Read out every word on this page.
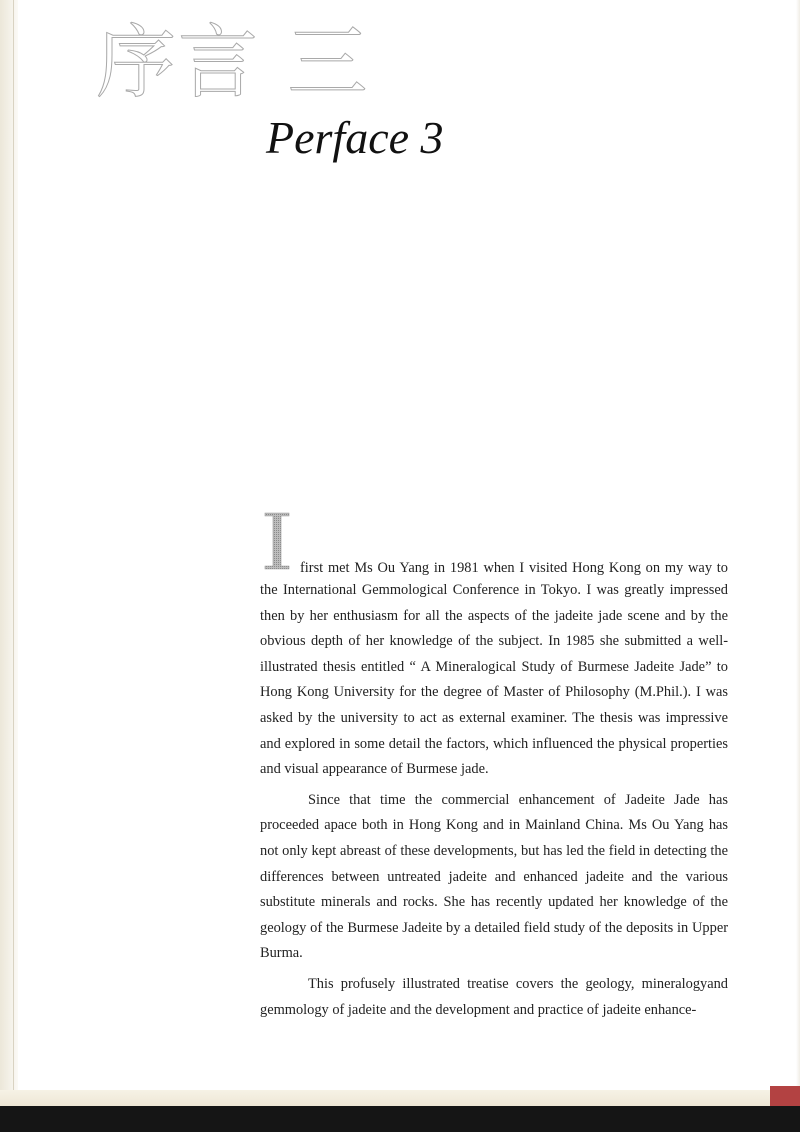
序言 三
Perface 3
first met Ms Ou Yang in 1981 when I visited Hong Kong on my way to

the International Gemmological Conference in Tokyo. I was greatly impressed then by her enthusiasm for all the aspects of the jadeite jade scene and by the obvious depth of her knowledge of the subject. In 1985 she submitted a well-illustrated thesis entitled “ A Mineralogical Study of Burmese Jadeite Jade” to Hong Kong University for the degree of Master of Philosophy (M.Phil.). I was asked by the university to act as external examiner. The thesis was impressive and explored in some detail the factors, which influenced the physical properties and visual appearance of Burmese jade.

Since that time the commercial enhancement of Jadeite Jade has proceeded apace both in Hong Kong and in Mainland China. Ms Ou Yang has not only kept abreast of these developments, but has led the field in detecting the differences between untreated jadeite and enhanced jadeite and the various substitute minerals and rocks. She has recently updated her knowledge of the geology of the Burmese Jadeite by a detailed field study of the deposits in Upper Burma.

This profusely illustrated treatise covers the geology, mineralogyand gemmology of jadeite and the development and practice of jadeite enhance-
